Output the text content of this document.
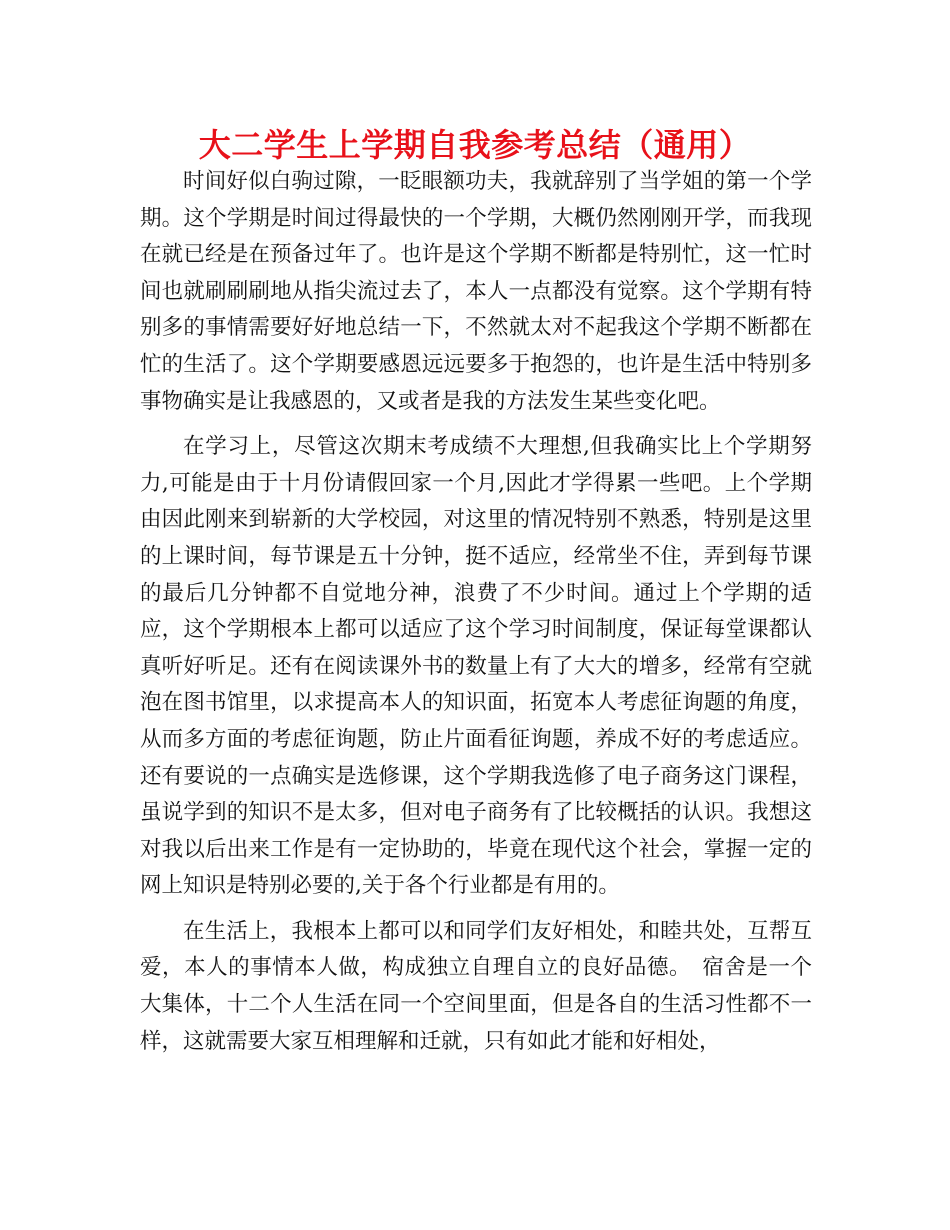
大二学生上学期自我参考总结（通用）

时间好似白驹过隙，一眨眼额功夫，我就辞别了当学姐的第一个学期。这个学期是时间过得最快的一个学期，大概仍然刚刚开学，而我现在就已经是在预备过年了。也许是这个学期不断都是特别忙，这一忙时间也就刷刷刷地从指尖流过去了，本人一点都没有觉察。这个学期有特别多的事情需要好好地总结一下，不然就太对不起我这个学期不断都在忙的生活了。这个学期要感恩远远要多于抱怨的，也许是生活中特别多事物确实是让我感恩的，又或者是我的方法发生某些变化吧。

在学习上，尽管这次期末考成绩不大理想,但我确实比上个学期努力,可能是由于十月份请假回家一个月,因此才学得累一些吧。上个学期由因此刚来到崭新的大学校园，对这里的情况特别不熟悉，特别是这里的上课时间，每节课是五十分钟，挺不适应，经常坐不住，弄到每节课的最后几分钟都不自觉地分神，浪费了不少时间。通过上个学期的适应，这个学期根本上都可以适应了这个学习时间制度，保证每堂课都认真听好听足。还有在阅读课外书的数量上有了大大的增多，经常有空就泡在图书馆里，以求提高本人的知识面，拓宽本人考虑征询题的角度，从而多方面的考虑征询题，防止片面看征询题，养成不好的考虑适应。还有要说的一点确实是选修课，这个学期我选修了电子商务这门课程，虽说学到的知识不是太多，但对电子商务有了比较概括的认识。我想这对我以后出来工作是有一定协助的，毕竟在现代这个社会，掌握一定的网上知识是特别必要的,关于各个行业都是有用的。

在生活上，我根本上都可以和同学们友好相处，和睦共处，互帮互爱，本人的事情本人做，构成独立自理自立的良好品德。　宿舍是一个大集体，十二个人生活在同一个空间里面，但是各自的生活习性都不一样，这就需要大家互相理解和迁就，只有如此才能和好相处，
